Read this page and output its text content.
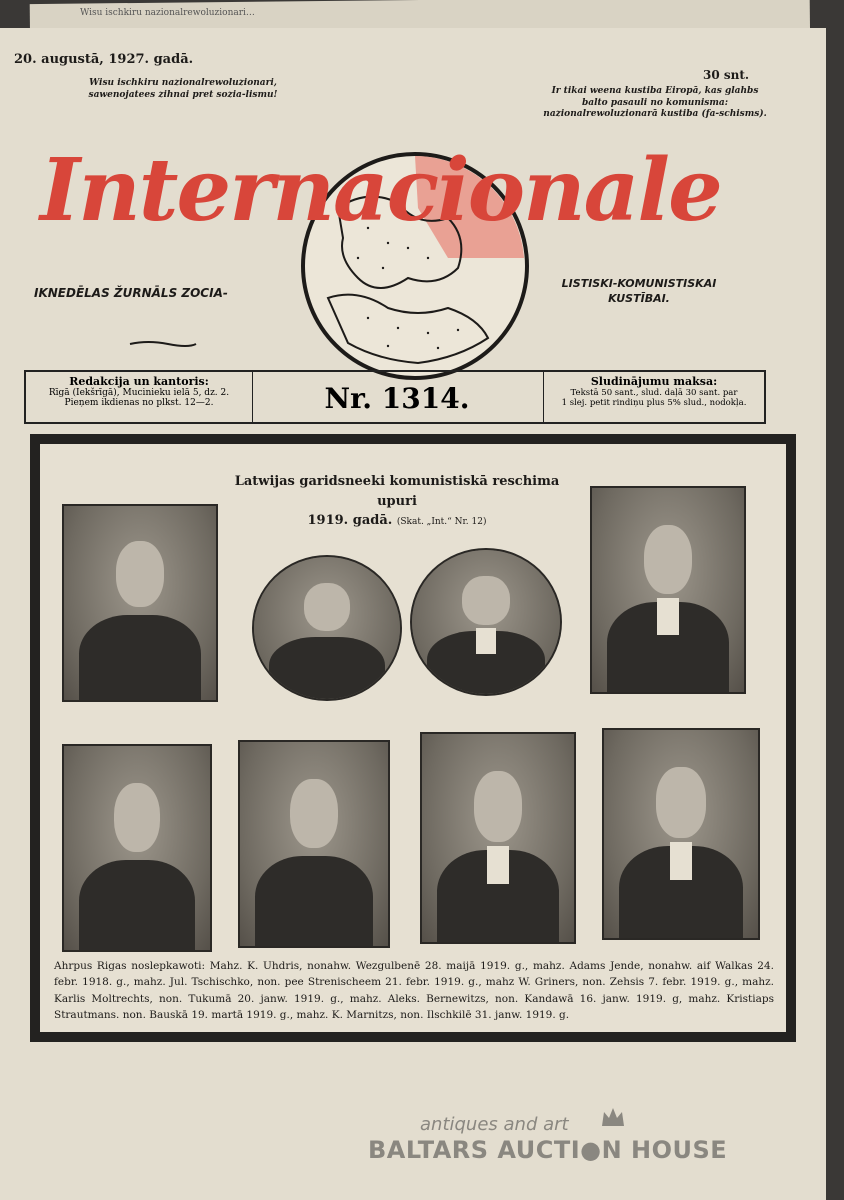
Wisu ischkiru nazionalrewoluzionari…
20. augustā, 1927. gadā.
30 snt.
Wisu ischkiru nazionalrewoluzionari, sawenojatees zihnai pret sozia-lismu!	Ir tikai weena kustiba Eiropā, kas glahbs balto pasauli no komunisma: nazionalrewoluzionarā kustiba (fa-schisms).
Internacionale
IKNEDĒLAS ŽURNĀLS ZOCIA-
LISTISKI-KOMUNISTISKAI KUSTĪBAI.
Redakcija un kantoris:
Rīgā (Iekšrīgā), Mucinieku ielā 5, dz. 2.
Pieņem ikdienas no plkst. 12—2.	Nr. 1314.
Sludinājumu maksa:
Tekstā 50 sant., slud. daļā 30 sant. par
1 slej. petit rindiņu plus 5% slud., nodokļa.
Latwijas garidsneeki komunistiskā reschima upuri
1919. gadā. (Skat. „Int.“ Nr. 12)
Ahrpus Rigas noslepkawoti: Mahz. K. Uhdris, nonahw. Wezgulbenē 28. maijā 1919. g., mahz. Adams Jende, nonahw. aif Walkas 24. febr. 1918. g., mahz. Jul. Tschischko, non. pee Strenischeem 21. febr. 1919. g., mahz W. Griners, non. Zehsis 7. febr. 1919. g., mahz. Karlis Moltrechts, non. Tukumā 20. janw. 1919. g., mahz. Aleks. Bernewitzs, non. Kandawā 16. janw. 1919. g, mahz. Kristiaps Strautmans. non. Bauskā 19. martā 1919. g., mahz. K. Marnitzs, non. Ilschkilē 31. janw. 1919. g.
antiques and art
BALTARS AUCTI●N HOUSE
